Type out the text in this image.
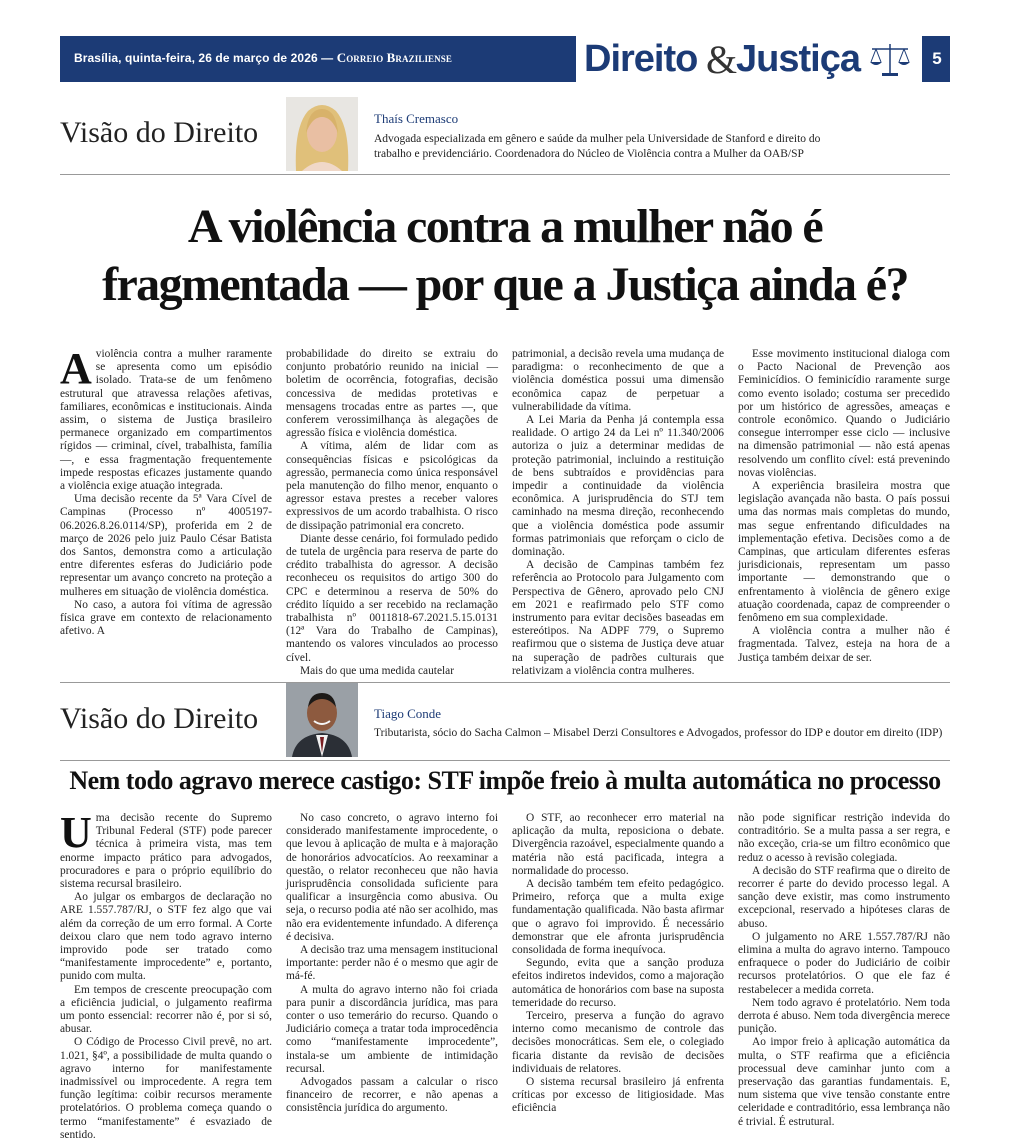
Brasília, quinta-feira, 26 de março de 2026 — Correio Braziliense	Direito &
Justiça	5
Visão do Direito	Thaís Cremasco
Advogada especializada em gênero e saúde da mulher pela Universidade de Stanford e direito do trabalho e previdenciário. Coordenadora do Núcleo de Violência contra a Mulher da OAB/SP
A violência contra a mulher não é
fragmentada — por que a Justiça ainda é?
A violência contra a mulher raramente se apresenta como um episódio isolado. Trata-se de um fenômeno estrutural que atravessa relações afetivas, familiares, econômicas e institucionais. Ainda assim, o sistema de Justiça brasileiro permanece organizado em compartimentos rígidos — criminal, cível, trabalhista, família —, e essa fragmentação frequentemente impede respostas eficazes justamente quando a violência exige atuação integrada.

Uma decisão recente da 5ª Vara Cível de Campinas (Processo nº 4005197-06.2026.8.26.0114/SP), proferida em 2 de março de 2026 pelo juiz Paulo César Batista dos Santos, demonstra como a articulação entre diferentes esferas do Judiciário pode representar um avanço concreto na proteção a mulheres em situação de violência doméstica.

No caso, a autora foi vítima de agressão física grave em contexto de relacionamento afetivo. A

probabilidade do direito se extraiu do conjunto probatório reunido na inicial — boletim de ocorrência, fotografias, decisão concessiva de medidas protetivas e mensagens trocadas entre as partes —, que conferem verossimilhança às alegações de agressão física e violência doméstica.

A vítima, além de lidar com as consequências físicas e psicológicas da agressão, permanecia como única responsável pela manutenção do filho menor, enquanto o agressor estava prestes a receber valores expressivos de um acordo trabalhista. O risco de dissipação patrimonial era concreto.

Diante desse cenário, foi formulado pedido de tutela de urgência para reserva de parte do crédito trabalhista do agressor. A decisão reconheceu os requisitos do artigo 300 do CPC e determinou a reserva de 50% do crédito líquido a ser recebido na reclamação trabalhista nº 0011818-67.2021.5.15.0131 (12ª Vara do Trabalho de Campinas), mantendo os valores vinculados ao processo cível.

Mais do que uma medida cautelar

patrimonial, a decisão revela uma mudança de paradigma: o reconhecimento de que a violência doméstica possui uma dimensão econômica capaz de perpetuar a vulnerabilidade da vítima.

A Lei Maria da Penha já contempla essa realidade. O artigo 24 da Lei nº 11.340/2006 autoriza o juiz a determinar medidas de proteção patrimonial, incluindo a restituição de bens subtraídos e providências para impedir a continuidade da violência econômica. A jurisprudência do STJ tem caminhado na mesma direção, reconhecendo que a violência doméstica pode assumir formas patrimoniais que reforçam o ciclo de dominação.

A decisão de Campinas também fez referência ao Protocolo para Julgamento com Perspectiva de Gênero, aprovado pelo CNJ em 2021 e reafirmado pelo STF como instrumento para evitar decisões baseadas em estereótipos. Na ADPF 779, o Supremo reafirmou que o sistema de Justiça deve atuar na superação de padrões culturais que relativizam a violência contra mulheres.

Esse movimento institucional dialoga com o Pacto Nacional de Prevenção aos Feminicídios. O feminicídio raramente surge como evento isolado; costuma ser precedido por um histórico de agressões, ameaças e controle econômico. Quando o Judiciário consegue interromper esse ciclo — inclusive na dimensão patrimonial — não está apenas resolvendo um conflito cível: está prevenindo novas violências.

A experiência brasileira mostra que legislação avançada não basta. O país possui uma das normas mais completas do mundo, mas segue enfrentando dificuldades na implementação efetiva. Decisões como a de Campinas, que articulam diferentes esferas jurisdicionais, representam um passo importante — demonstrando que o enfrentamento à violência de gênero exige atuação coordenada, capaz de compreender o fenômeno em sua complexidade.

A violência contra a mulher não é fragmentada. Talvez, esteja na hora de a Justiça também deixar de ser.

Visão do Direito	Tiago Conde
Tributarista, sócio do Sacha Calmon – Misabel Derzi Consultores e Advogados, professor do IDP e doutor em direito (IDP)
Nem todo agravo merece castigo: STF impõe freio à multa automática no processo
U ma decisão recente do Supremo Tribunal Federal (STF) pode parecer técnica à primeira vista, mas tem enorme impacto prático para advogados, procuradores e para o próprio equilíbrio do sistema recursal brasileiro.

Ao julgar os embargos de declaração no ARE 1.557.787/RJ, o STF fez algo que vai além da correção de um erro formal. A Corte deixou claro que nem todo agravo interno improvido pode ser tratado como “manifestamente improcedente” e, portanto, punido com multa.

Em tempos de crescente preocupação com a eficiência judicial, o julgamento reafirma um ponto essencial: recorrer não é, por si só, abusar.

O Código de Processo Civil prevê, no art. 1.021, §4º, a possibilidade de multa quando o agravo interno for manifestamente inadmissível ou improcedente. A regra tem função legítima: coibir recursos meramente protelatórios. O problema começa quando o termo “manifestamente” é esvaziado de sentido.

No caso concreto, o agravo interno foi considerado manifestamente improcedente, o que levou à aplicação de multa e à majoração de honorários advocatícios. Ao reexaminar a questão, o relator reconheceu que não havia jurisprudência consolidada suficiente para qualificar a insurgência como abusiva. Ou seja, o recurso podia até não ser acolhido, mas não era evidentemente infundado. A diferença é decisiva.

A decisão traz uma mensagem institucional importante: perder não é o mesmo que agir de má-fé.

A multa do agravo interno não foi criada para punir a discordância jurídica, mas para conter o uso temerário do recurso. Quando o Judiciário começa a tratar toda improcedência como “manifestamente improcedente”, instala-se um ambiente de intimidação recursal.

Advogados passam a calcular o risco financeiro de recorrer, e não apenas a consistência jurídica do argumento.

O STF, ao reconhecer erro material na aplicação da multa, reposiciona o debate. Divergência razoável, especialmente quando a matéria não está pacificada, integra a normalidade do processo.

A decisão também tem efeito pedagógico. Primeiro, reforça que a multa exige fundamentação qualificada. Não basta afirmar que o agravo foi improvido. É necessário demonstrar que ele afronta jurisprudência consolidada de forma inequívoca.

Segundo, evita que a sanção produza efeitos indiretos indevidos, como a majoração automática de honorários com base na suposta temeridade do recurso.

Terceiro, preserva a função do agravo interno como mecanismo de controle das decisões monocráticas. Sem ele, o colegiado ficaria distante da revisão de decisões individuais de relatores.

O sistema recursal brasileiro já enfrenta críticas por excesso de litigiosidade. Mas eficiência

não pode significar restrição indevida do contraditório. Se a multa passa a ser regra, e não exceção, cria-se um filtro econômico que reduz o acesso à revisão colegiada.

A decisão do STF reafirma que o direito de recorrer é parte do devido processo legal. A sanção deve existir, mas como instrumento excepcional, reservado a hipóteses claras de abuso.

O julgamento no ARE 1.557.787/RJ não elimina a multa do agravo interno. Tampouco enfraquece o poder do Judiciário de coibir recursos protelatórios. O que ele faz é restabelecer a medida correta.

Nem todo agravo é protelatório. Nem toda derrota é abuso. Nem toda divergência merece punição.

Ao impor freio à aplicação automática da multa, o STF reafirma que a eficiência processual deve caminhar junto com a preservação das garantias fundamentais. E, num sistema que vive tensão constante entre celeridade e contraditório, essa lembrança não é trivial. É estrutural.
